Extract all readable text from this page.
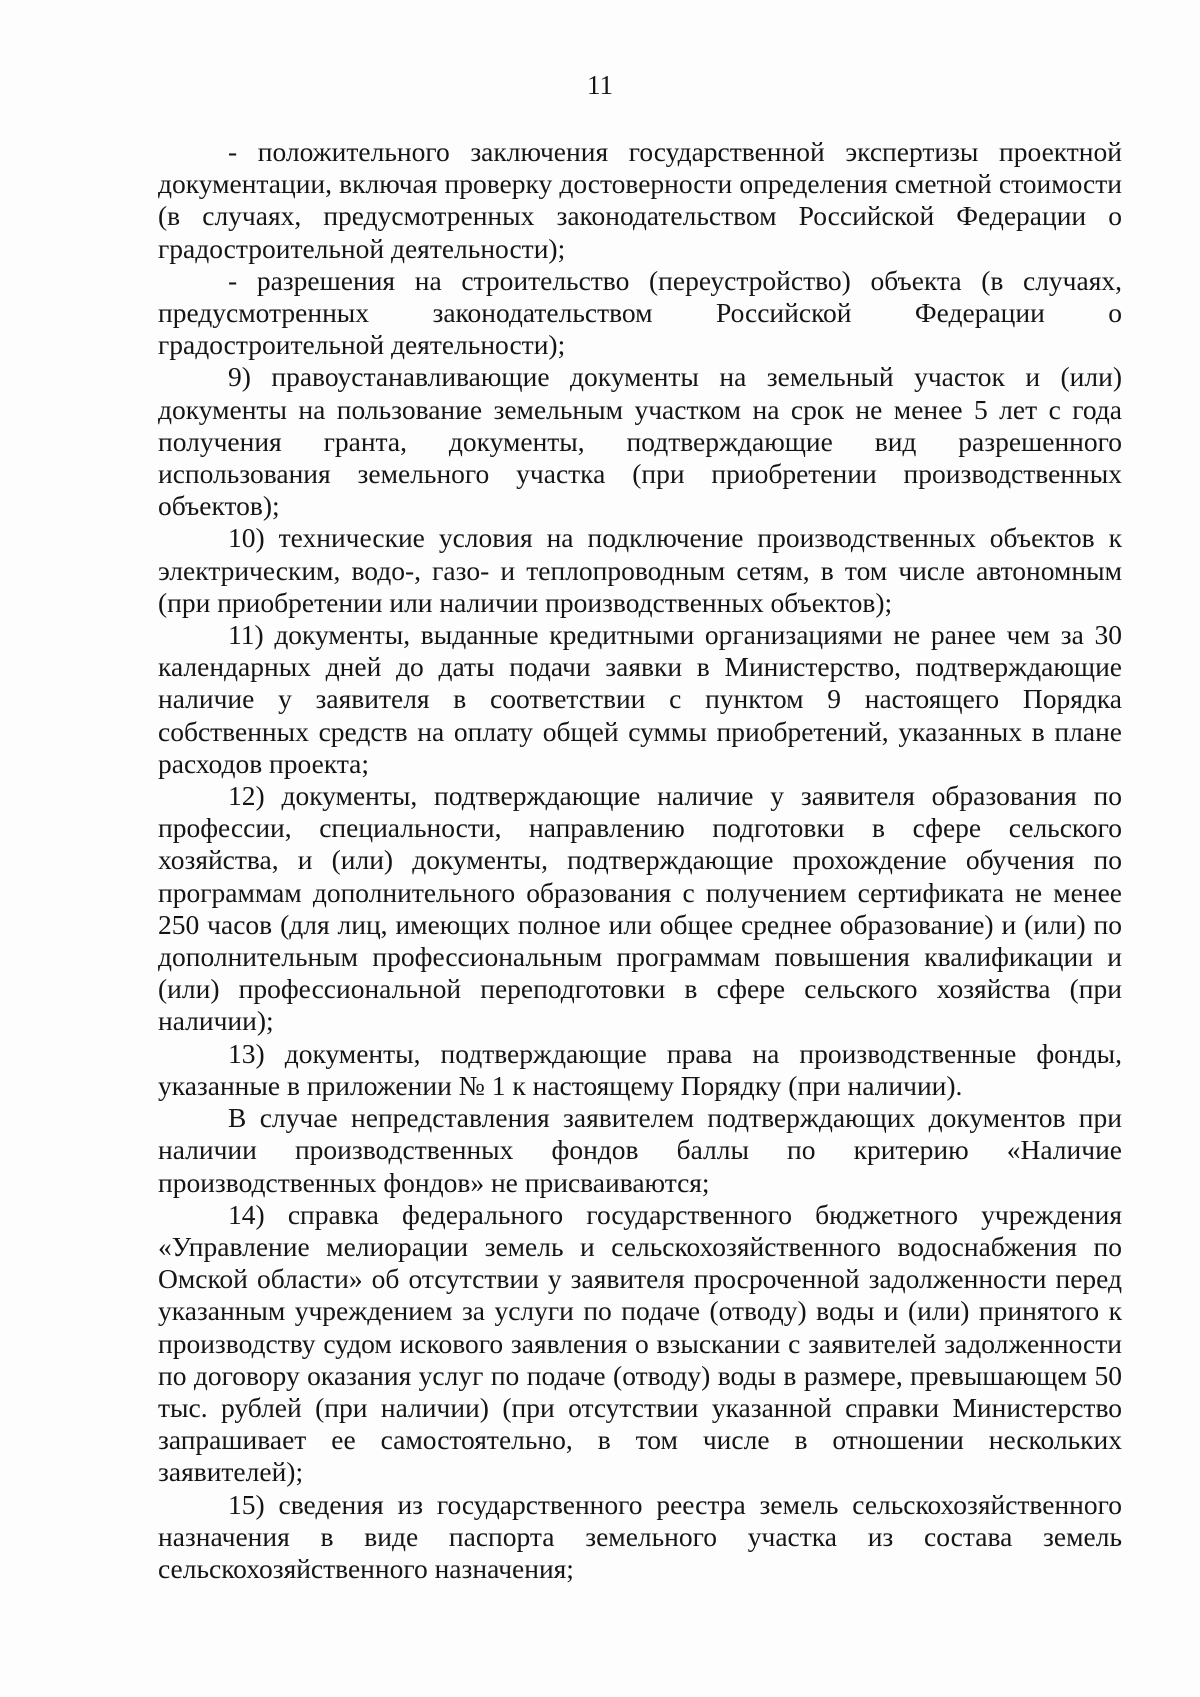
11

- положительного заключения государственной экспертизы проектной документации, включая проверку достоверности определения сметной стоимости (в случаях, предусмотренных законодательством Российской Федерации о градостроительной деятельности);

- разрешения на строительство (переустройство) объекта (в случаях, предусмотренных законодательством Российской Федерации о градостроительной деятельности);

9) правоустанавливающие документы на земельный участок и (или) документы на пользование земельным участком на срок не менее 5 лет с года получения гранта, документы, подтверждающие вид разрешенного использования земельного участка (при приобретении производственных объектов);

10) технические условия на подключение производственных объектов к электрическим, водо-, газо- и теплопроводным сетям, в том числе автономным (при приобретении или наличии производственных объектов);

11) документы, выданные кредитными организациями не ранее чем за 30 календарных дней до даты подачи заявки в Министерство, подтверждающие наличие у заявителя в соответствии с пунктом 9 настоящего Порядка собственных средств на оплату общей суммы приобретений, указанных в плане расходов проекта;

12) документы, подтверждающие наличие у заявителя образования по профессии, специальности, направлению подготовки в сфере сельского хозяйства, и (или) документы, подтверждающие прохождение обучения по программам дополнительного образования с получением сертификата не менее 250 часов (для лиц, имеющих полное или общее среднее образование) и (или) по дополнительным профессиональным программам повышения квалификации и (или) профессиональной переподготовки в сфере сельского хозяйства (при наличии);

13) документы, подтверждающие права на производственные фонды, указанные в приложении № 1 к настоящему Порядку (при наличии).

В случае непредставления заявителем подтверждающих документов при наличии производственных фондов баллы по критерию «Наличие производственных фондов» не присваиваются;

14) справка федерального государственного бюджетного учреждения «Управление мелиорации земель и сельскохозяйственного водоснабжения по Омской области» об отсутствии у заявителя просроченной задолженности перед указанным учреждением за услуги по подаче (отводу) воды и (или) принятого к производству судом искового заявления о взыскании с заявителей задолженности по договору оказания услуг по подаче (отводу) воды в размере, превышающем 50 тыс. рублей (при наличии) (при отсутствии указанной справки Министерство запрашивает ее самостоятельно, в том числе в отношении нескольких заявителей);

15) сведения из государственного реестра земель сельскохозяйственного назначения в виде паспорта земельного участка из состава земель сельскохозяйственного назначения;
